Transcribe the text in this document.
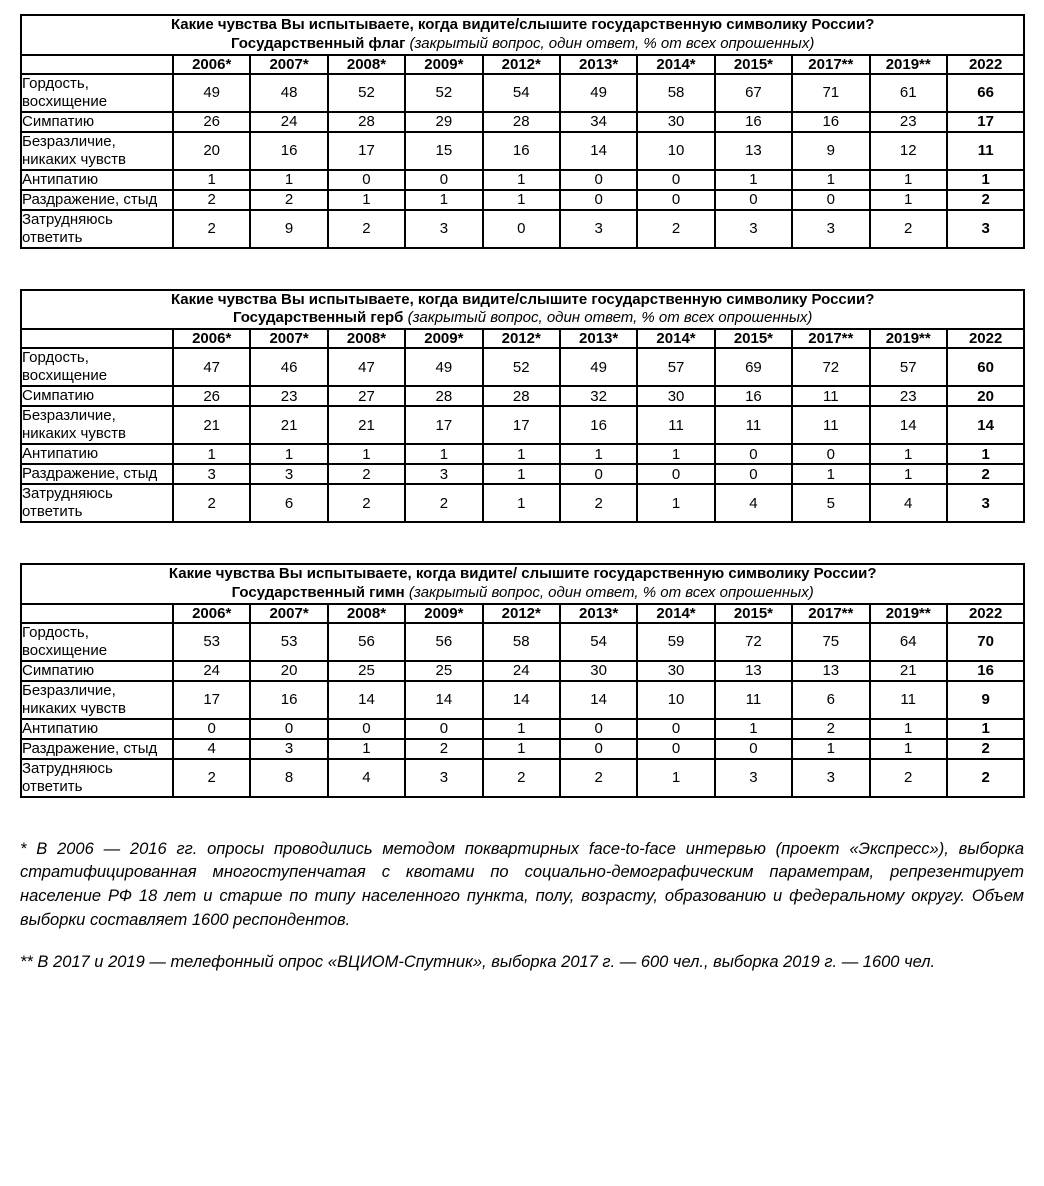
Какие чувства Вы испытываете, когда видите/слышите государственную символику России?
Государственный флаг (закрытый вопрос, один ответ, % от всех опрошенных)											

	2006*	2007*	2008*	2009*	2012*	2013*	2014*	2015*	2017**	2019**	2022
Гордость, восхищение	49	48	52	52	54	49	58	67	71	61	66
Симпатию	26	24	28	29	28	34	30	16	16	23	17
Безразличие, никаких чувств	20	16	17	15	16	14	10	13	9	12	11
Антипатию	1	1	0	0	1	0	0	1	1	1	1
Раздражение, стыд	2	2	1	1	1	0	0	0	0	1	2
Затрудняюсь ответить	2	9	2	3	0	3	2	3	3	2	3
Какие чувства Вы испытываете, когда видите/слышите государственную символику России?
Государственный герб (закрытый вопрос, один ответ, % от всех опрошенных)											

	2006*	2007*	2008*	2009*	2012*	2013*	2014*	2015*	2017**	2019**	2022
Гордость, восхищение	47	46	47	49	52	49	57	69	72	57	60
Симпатию	26	23	27	28	28	32	30	16	11	23	20
Безразличие, никаких чувств	21	21	21	17	17	16	11	11	11	14	14
Антипатию	1	1	1	1	1	1	1	0	0	1	1
Раздражение, стыд	3	3	2	3	1	0	0	0	1	1	2
Затрудняюсь ответить	2	6	2	2	1	2	1	4	5	4	3
Какие чувства Вы испытываете, когда видите/ слышите государственную символику России?
Государственный гимн (закрытый вопрос, один ответ, % от всех опрошенных)											

	2006*	2007*	2008*	2009*	2012*	2013*	2014*	2015*	2017**	2019**	2022
Гордость, восхищение	53	53	56	56	58	54	59	72	75	64	70
Симпатию	24	20	25	25	24	30	30	13	13	21	16
Безразличие, никаких чувств	17	16	14	14	14	14	10	11	6	11	9
Антипатию	0	0	0	0	1	0	0	1	2	1	1
Раздражение, стыд	4	3	1	2	1	0	0	0	1	1	2
Затрудняюсь ответить	2	8	4	3	2	2	1	3	3	2	2

* В 2006 — 2016 гг. опросы проводились методом поквартирных face-to-face интервью (проект «Экспресс»), выборка стратифицированная многоступенчатая с квотами по социально-демографическим параметрам, репрезентирует население РФ 18 лет и старше по типу населенного пункта, полу, возрасту, образованию и федеральному округу. Объем выборки составляет 1600 респондентов.

** В 2017 и 2019 — телефонный опрос «ВЦИОМ-Спутник», выборка 2017 г. — 600 чел., выборка 2019 г. — 1600 чел.
